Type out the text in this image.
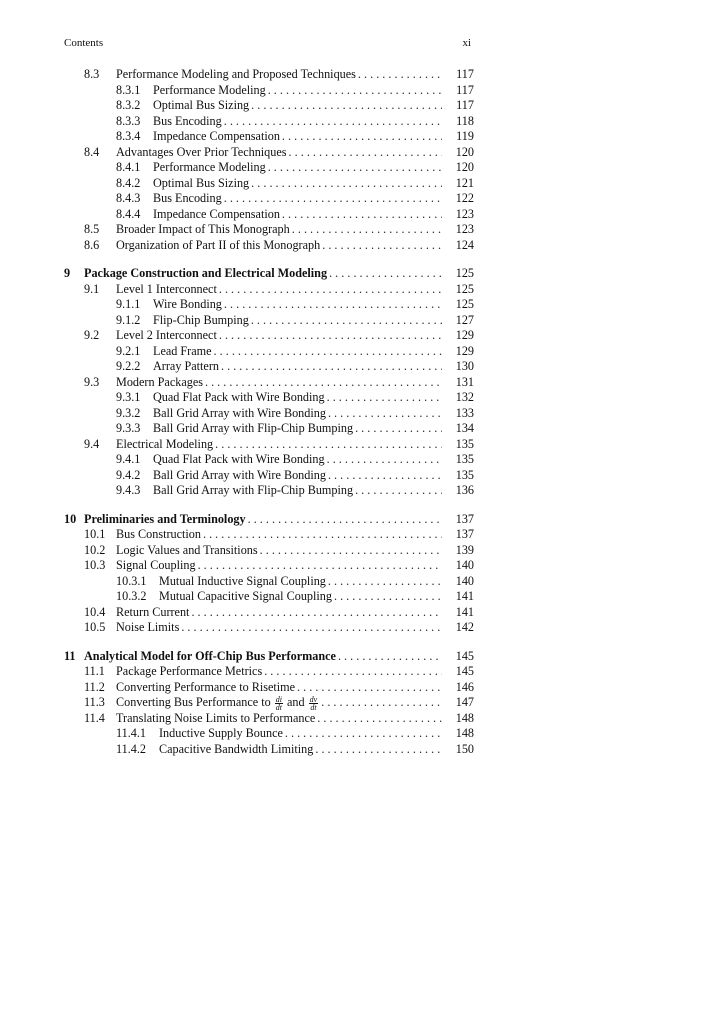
Contents	xi
8.3 Performance Modeling and Proposed Techniques . . .	117
8.3.1 Performance Modeling . . .	117
8.3.2 Optimal Bus Sizing . . .	117
8.3.3 Bus Encoding . . .	118
8.3.4 Impedance Compensation . . .	119
8.4 Advantages Over Prior Techniques . . .	120
8.4.1 Performance Modeling . . .	120
8.4.2 Optimal Bus Sizing . . .	121
8.4.3 Bus Encoding . . .	122
8.4.4 Impedance Compensation . . .	123
8.5 Broader Impact of This Monograph . . .	123
8.6 Organization of Part II of this Monograph . . .	124
9 Package Construction and Electrical Modeling . . .	125
9.1 Level 1 Interconnect . . .	125
9.1.1 Wire Bonding . . .	125
9.1.2 Flip-Chip Bumping . . .	127
9.2 Level 2 Interconnect . . .	129
9.2.1 Lead Frame . . .	129
9.2.2 Array Pattern . . .	130
9.3 Modern Packages . . .	131
9.3.1 Quad Flat Pack with Wire Bonding . . .	132
9.3.2 Ball Grid Array with Wire Bonding . . .	133
9.3.3 Ball Grid Array with Flip-Chip Bumping . . .	134
9.4 Electrical Modeling . . .	135
9.4.1 Quad Flat Pack with Wire Bonding . . .	135
9.4.2 Ball Grid Array with Wire Bonding . . .	135
9.4.3 Ball Grid Array with Flip-Chip Bumping . . .	136
10 Preliminaries and Terminology . . .	137
10.1 Bus Construction . . .	137
10.2 Logic Values and Transitions . . .	139
10.3 Signal Coupling . . .	140
10.3.1 Mutual Inductive Signal Coupling . . .	140
10.3.2 Mutual Capacitive Signal Coupling . . .	141
10.4 Return Current . . .	141
10.5 Noise Limits . . .	142
11 Analytical Model for Off-Chip Bus Performance . . .	145
11.1 Package Performance Metrics . . .	145
11.2 Converting Performance to Risetime . . .	146
11.3 Converting Bus Performance to $\frac{di}{dt}$ and $\frac{dv}{dt}$ . . .	147
11.4 Translating Noise Limits to Performance . . .	148
11.4.1 Inductive Supply Bounce . . .	148
11.4.2 Capacitive Bandwidth Limiting . . .	150
